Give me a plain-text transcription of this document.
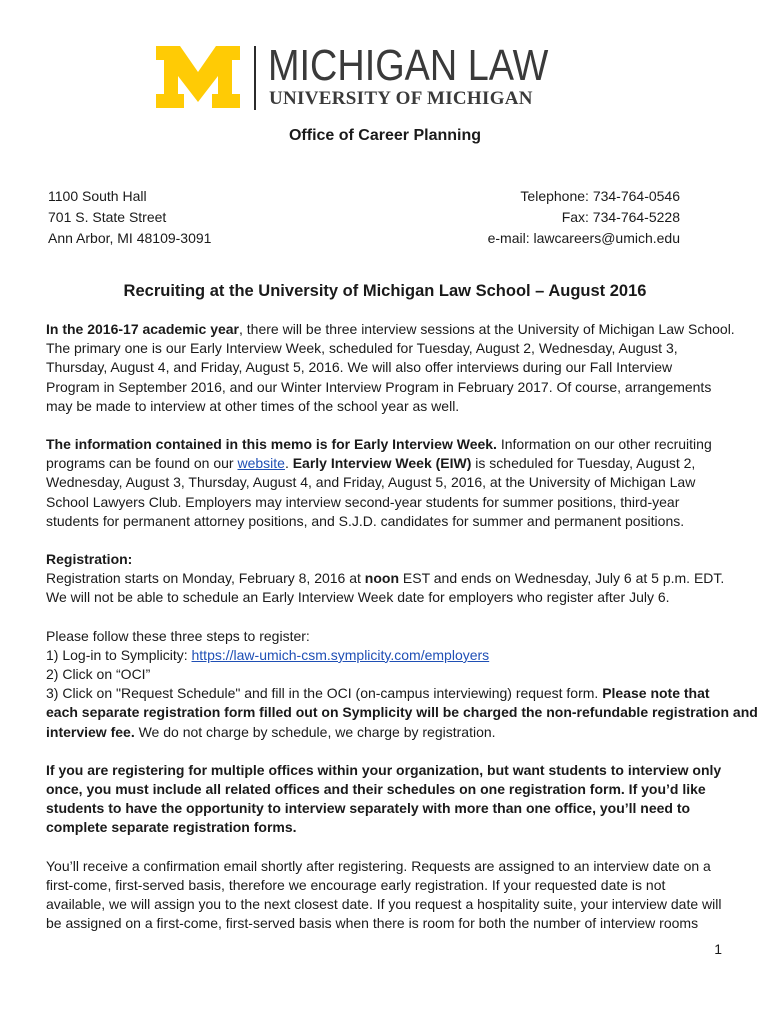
MICHIGAN LAW
UNIVERSITY OF MICHIGAN
Office of Career Planning
1100 South Hall
701 S. State Street
Ann Arbor, MI 48109-3091
Telephone: 734-764-0546
Fax: 734-764-5228
e-mail: lawcareers@umich.edu
Recruiting at the University of Michigan Law School – August 2016

In the 2016-17 academic year, there will be three interview sessions at the University of Michigan Law School.
The primary one is our Early Interview Week, scheduled for Tuesday, August 2, Wednesday, August 3,
Thursday, August 4, and Friday, August 5, 2016. We will also offer interviews during our Fall Interview
Program in September 2016, and our Winter Interview Program in February 2017. Of course, arrangements
may be made to interview at other times of the school year as well.

The information contained in this memo is for Early Interview Week. Information on our other recruiting
programs can be found on our website. Early Interview Week (EIW) is scheduled for Tuesday, August 2,
Wednesday, August 3, Thursday, August 4, and Friday, August 5, 2016, at the University of Michigan Law
School Lawyers Club. Employers may interview second-year students for summer positions, third-year
students for permanent attorney positions, and S.J.D. candidates for summer and permanent positions.

Registration:
Registration starts on Monday, February 8, 2016 at noon EST and ends on Wednesday, July 6 at 5 p.m. EDT.
We will not be able to schedule an Early Interview Week date for employers who register after July 6.

Please follow these three steps to register:
1) Log-in to Symplicity: https://law-umich-csm.symplicity.com/employers
2) Click on “OCI”
3) Click on "Request Schedule" and fill in the OCI (on-campus interviewing) request form. Please note that
each separate registration form filled out on Symplicity will be charged the non-refundable registration and
interview fee. We do not charge by schedule, we charge by registration.

If you are registering for multiple offices within your organization, but want students to interview only
once, you must include all related offices and their schedules on one registration form. If you’d like
students to have the opportunity to interview separately with more than one office, you’ll need to
complete separate registration forms.

You’ll receive a confirmation email shortly after registering. Requests are assigned to an interview date on a
first-come, first-served basis, therefore we encourage early registration. If your requested date is not
available, we will assign you to the next closest date. If you request a hospitality suite, your interview date will
be assigned on a first-come, first-served basis when there is room for both the number of interview rooms

1
